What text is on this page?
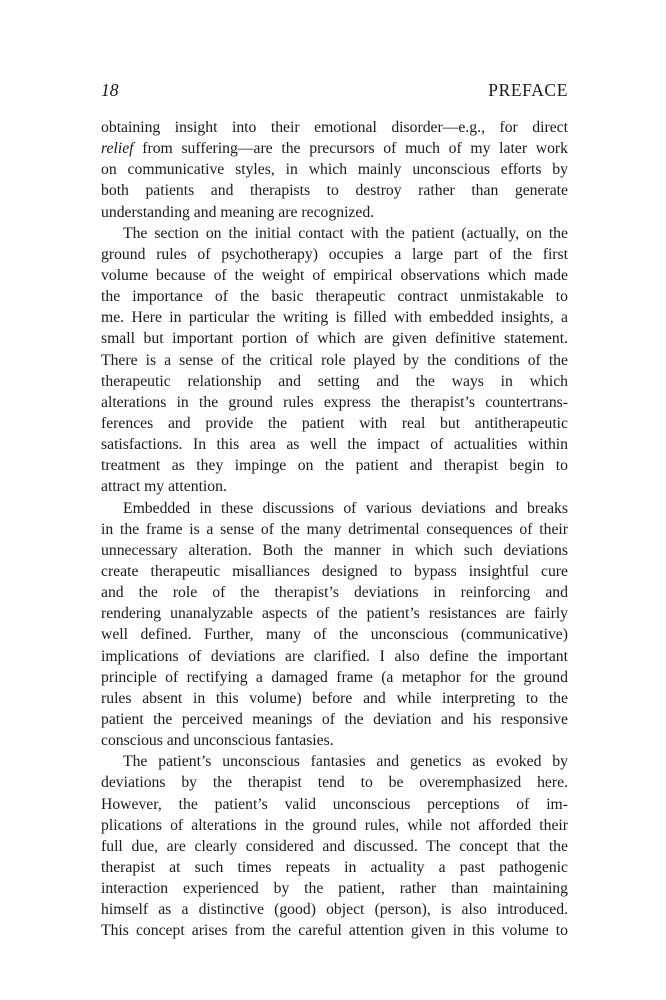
18	PREFACE
obtaining insight into their emotional disorder—e.g., for direct
relief from suffering—are the precursors of much of my later work
on communicative styles, in which mainly unconscious efforts by
both patients and therapists to destroy rather than generate
understanding and meaning are recognized.
The section on the initial contact with the patient (actually, on the
ground rules of psychotherapy) occupies a large part of the first
volume because of the weight of empirical observations which made
the importance of the basic therapeutic contract unmistakable to
me. Here in particular the writing is filled with embedded insights, a
small but important portion of which are given definitive statement.
There is a sense of the critical role played by the conditions of the
therapeutic relationship and setting and the ways in which
alterations in the ground rules express the therapist’s countertrans-
ferences and provide the patient with real but antitherapeutic
satisfactions. In this area as well the impact of actualities within
treatment as they impinge on the patient and therapist begin to
attract my attention.
Embedded in these discussions of various deviations and breaks
in the frame is a sense of the many detrimental consequences of their
unnecessary alteration. Both the manner in which such deviations
create therapeutic misalliances designed to bypass insightful cure
and the role of the therapist’s deviations in reinforcing and
rendering unanalyzable aspects of the patient’s resistances are fairly
well defined. Further, many of the unconscious (communicative)
implications of deviations are clarified. I also define the important
principle of rectifying a damaged frame (a metaphor for the ground
rules absent in this volume) before and while interpreting to the
patient the perceived meanings of the deviation and his responsive
conscious and unconscious fantasies.
The patient’s unconscious fantasies and genetics as evoked by
deviations by the therapist tend to be overemphasized here.
However, the patient’s valid unconscious perceptions of im-
plications of alterations in the ground rules, while not afforded their
full due, are clearly considered and discussed. The concept that the
therapist at such times repeats in actuality a past pathogenic
interaction experienced by the patient, rather than maintaining
himself as a distinctive (good) object (person), is also introduced.
This concept arises from the careful attention given in this volume to
